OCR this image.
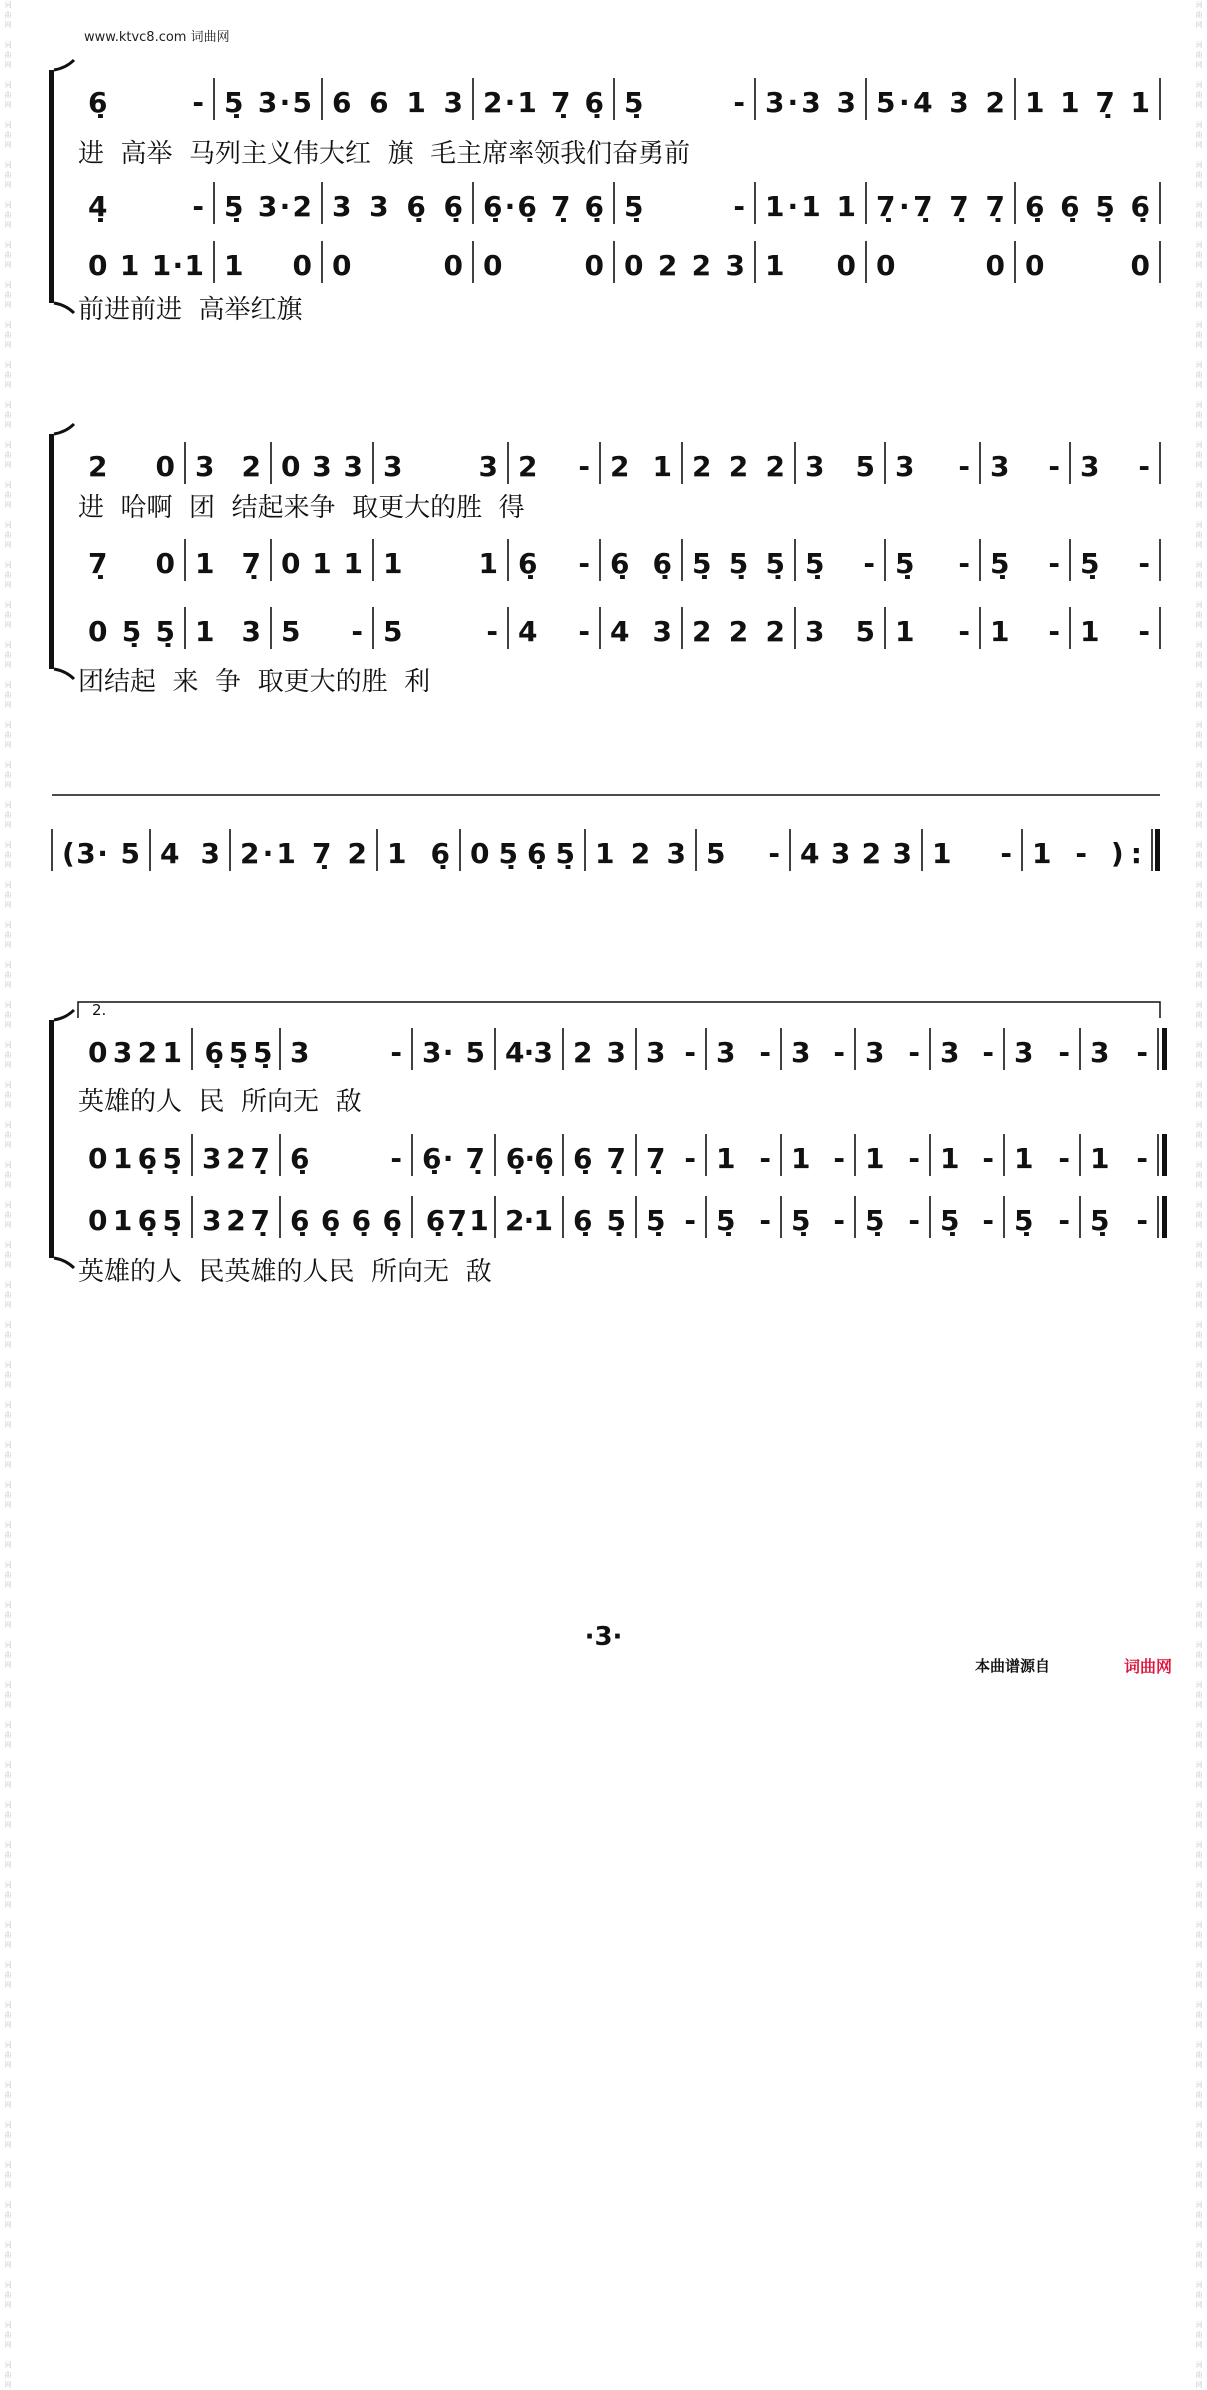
词
曲
网

词
曲
网

词
曲
网

词
曲
网

词
曲
网

词
曲
网

词
曲
网

词
曲
网

词
曲
网

词
曲
网

词
曲
网

词
曲
网

词
曲
网

词
曲
网

词
曲
网

词
曲
网

词
曲
网

词
曲
网

词
曲
网

词
曲
网

词
曲
网

词
曲
网

词
曲
网

词
曲
网

词
曲
网

词
曲
网

词
曲
网

词
曲
网

词
曲
网

词
曲
网

词
曲
网

词
曲
网

词
曲
网

词
曲
网

词
曲
网

词
曲
网

词
曲
网

词
曲
网

词
曲
网

词
曲
网

词
曲
网

词
曲
网

词
曲
网

词
曲
网

词
曲
网

词
曲
网

词
曲
网

词
曲
网

词
曲
网

词
曲
网

词
曲
网

词
曲
网

词
曲
网

词
曲
网

词
曲
网

词
曲
网

词
曲
网

词
曲
网

词
曲
网

词
曲
网
词
曲
网

词
曲
网

词
曲
网

词
曲
网

词
曲
网

词
曲
网

词
曲
网

词
曲
网

词
曲
网

词
曲
网

词
曲
网

词
曲
网

词
曲
网

词
曲
网

词
曲
网

词
曲
网

词
曲
网

词
曲
网

词
曲
网

词
曲
网

词
曲
网

词
曲
网

词
曲
网

词
曲
网

词
曲
网

词
曲
网

词
曲
网

词
曲
网

词
曲
网

词
曲
网

词
曲
网

词
曲
网

词
曲
网

词
曲
网

词
曲
网

词
曲
网

词
曲
网

词
曲
网

词
曲
网

词
曲
网

词
曲
网

词
曲
网

词
曲
网

词
曲
网

词
曲
网

词
曲
网

词
曲
网

词
曲
网

词
曲
网

词
曲
网

词
曲
网

词
曲
网

词
曲
网

词
曲
网

词
曲
网

词
曲
网

词
曲
网

词
曲
网

词
曲
网

词
曲
网
www.ktvc8.com 词曲网
6̣ - 5̣ 3·5 6 6 1 3 2·1 7̣ 6̣ 5̣ - 3·3 3 5·4 3 2 1 1 7̣ 1
进  高举  马列主义伟大红  旗  毛主席率领我们奋勇前
4̣ - 5̣ 3·2 3 3 6̣ 6̣ 6̣·6̣ 7̣ 6̣ 5̣ - 1·1 1 7̣·7̣ 7̣ 7̣ 6̣ 6̣ 5̣ 6̣
0 1 1·1 1 0 0 0 0 0 0 2 2 3 1 0 0 0 0 0
前进前进  高举红旗
2 0 3 2 0 3 3 3 3 2 - 2 1 2 2 2 3 5 3 - 3 - 3 -
进  哈啊  团  结起来争  取更大的胜  得
7̣ 0 1 7̣ 0 1 1 1 1 6̣ - 6̣ 6̣ 5̣ 5̣ 5̣ 5̣ - 5̣ - 5̣ - 5̣ -
0 5̣ 5̣ 1 3 5 - 5 - 4 - 4 3 2 2 2 3 5 1 - 1 - 1 -
团结起  来  争  取更大的胜  利
(3· 5 4 3 2·1 7̣ 2 1 6̣ 0 5̣ 6̣ 5̣ 1 2 3 5 - 4 3 2 3 1 - 1 - ):
2.
0 3 2 1 6̣ 5̣ 5̣ 3 - 3· 5 4·3 2 3 3 - 3 - 3 - 3 - 3 - 3 - 3 -
英雄的人  民  所向无  敌
0 1 6̣ 5̣ 3 2 7̣ 6̣ - 6̣· 7̣ 6̣·6̣ 6̣ 7̣ 7̣ - 1 - 1 - 1 - 1 - 1 - 1 -
0 1 6̣ 5̣ 3 2 7̣ 6̣ 6̣ 6̣ 6̣ 6̣ 7̣ 1 2·1 6̣ 5̣ 5̣ - 5̣ - 5̣ - 5̣ - 5̣ - 5̣ - 5̣ -
英雄的人  民英雄的人民  所向无  敌
·3·
本曲谱源自	词曲网
